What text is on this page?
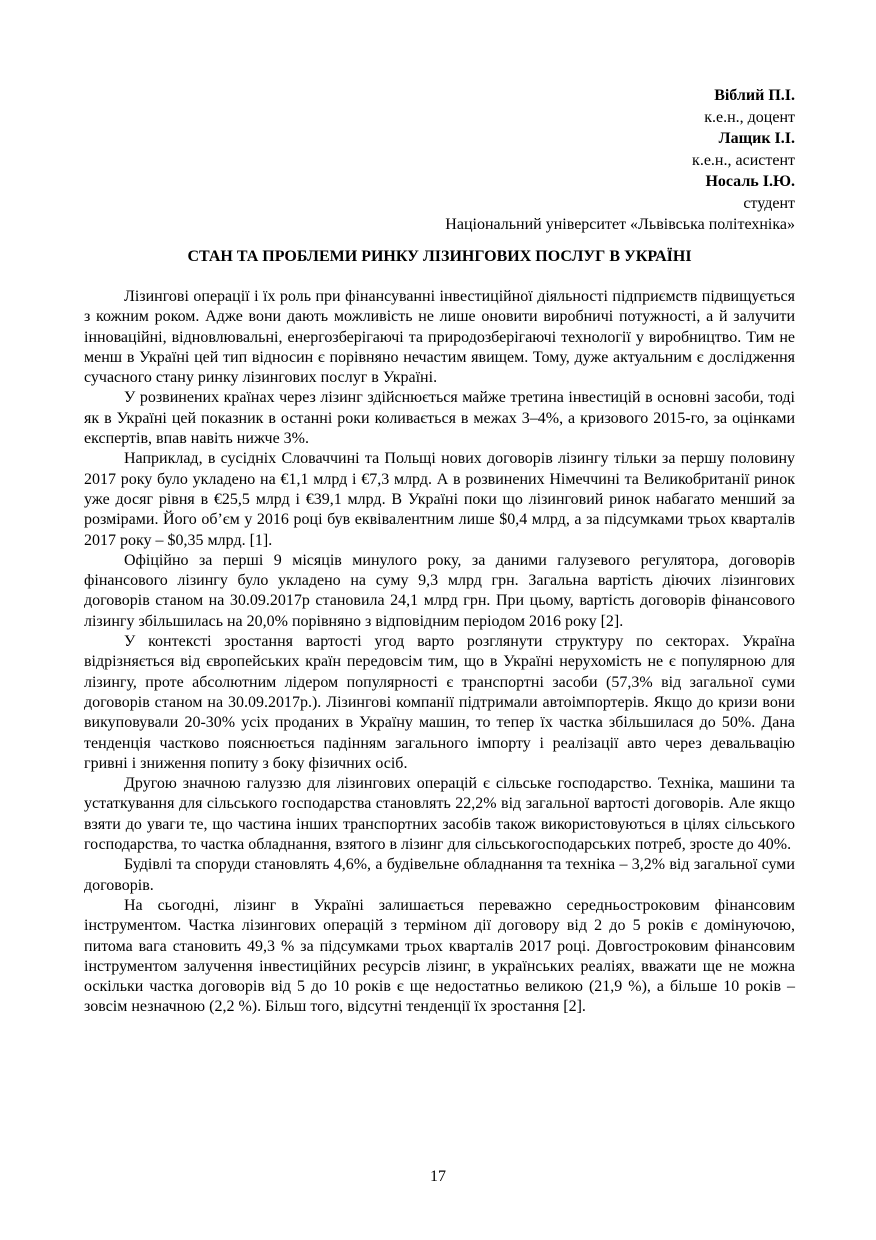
Віблий П.І.
к.е.н., доцент
Лащик І.І.
к.е.н., асистент
Носаль І.Ю.
студент
Національний університет «Львівська політехніка»
СТАН ТА ПРОБЛЕМИ РИНКУ ЛІЗИНГОВИХ ПОСЛУГ В УКРАЇНІ

Лізингові операції і їх роль при фінансуванні інвестиційної діяльності підприємств підвищується з кожним роком. Адже вони дають можливість не лише оновити виробничі потужності, а й залучити інноваційні, відновлювальні, енергозберігаючі та природозберігаючі технології у виробництво. Тим не менш в Україні цей тип відносин є порівняно нечастим явищем. Тому, дуже актуальним є дослідження сучасного стану ринку лізингових послуг в Україні.

У розвинених країнах через лізинг здійснюється майже третина інвестицій в основні засоби, тоді як в Україні цей показник в останні роки коливається в межах 3–4%, а кризового 2015-го, за оцінками експертів, впав навіть нижче 3%.

Наприклад, в сусідніх Словаччині та Польщі нових договорів лізингу тільки за першу половину 2017 року було укладено на €1,1 млрд і €7,3 млрд. А в розвинених Німеччині та Великобританії ринок уже досяг рівня в €25,5 млрд і €39,1 млрд. В Україні поки що лізинговий ринок набагато менший за розмірами. Його об’єм у 2016 році був еквівалентним лише $0,4 млрд, а за підсумками трьох кварталів 2017 року – $0,35 млрд. [1].

Офіційно за перші 9 місяців минулого року, за даними галузевого регулятора, договорів фінансового лізингу було укладено на суму 9,3 млрд грн. Загальна вартість діючих лізингових договорів станом на 30.09.2017р становила 24,1 млрд грн. При цьому, вартість договорів фінансового лізингу збільшилась на 20,0% порівняно з відповідним періодом 2016 року [2].

У контексті зростання вартості угод варто розглянути структуру по секторах. Україна відрізняється від європейських країн передовсім тим, що в Україні нерухомість не є популярною для лізингу, проте абсолютним лідером популярності є транспортні засоби (57,3% від загальної суми договорів станом на 30.09.2017р.). Лізингові компанії підтримали автоімпортерів. Якщо до кризи вони викуповували 20-30% усіх проданих в Україну машин, то тепер їх частка збільшилася до 50%. Дана тенденція частково пояснюється падінням загального імпорту і реалізації авто через девальвацію гривні і зниження попиту з боку фізичних осіб.

Другою значною галуззю для лізингових операцій є сільське господарство. Техніка, машини та устаткування для сільського господарства становлять 22,2% від загальної вартості договорів. Але якщо взяти до уваги те, що частина інших транспортних засобів також використовуються в цілях сільського господарства, то частка обладнання, взятого в лізинг для сільськогосподарських потреб, зросте до 40%.

Будівлі та споруди становлять 4,6%, а будівельне обладнання та техніка – 3,2% від загальної суми договорів.

На сьогодні, лізинг в Україні залишається переважно середньостроковим фінансовим інструментом. Частка лізингових операцій з терміном дії договору від 2 до 5 років є домінуючою, питома вага становить 49,3 % за підсумками трьох кварталів 2017 році. Довгостроковим фінансовим інструментом залучення інвестиційних ресурсів лізинг, в українських реаліях, вважати ще не можна оскільки частка договорів від 5 до 10 років є ще недостатньо великою (21,9 %), а більше 10 років – зовсім незначною (2,2 %). Більш того, відсутні тенденції їх зростання [2].

17
